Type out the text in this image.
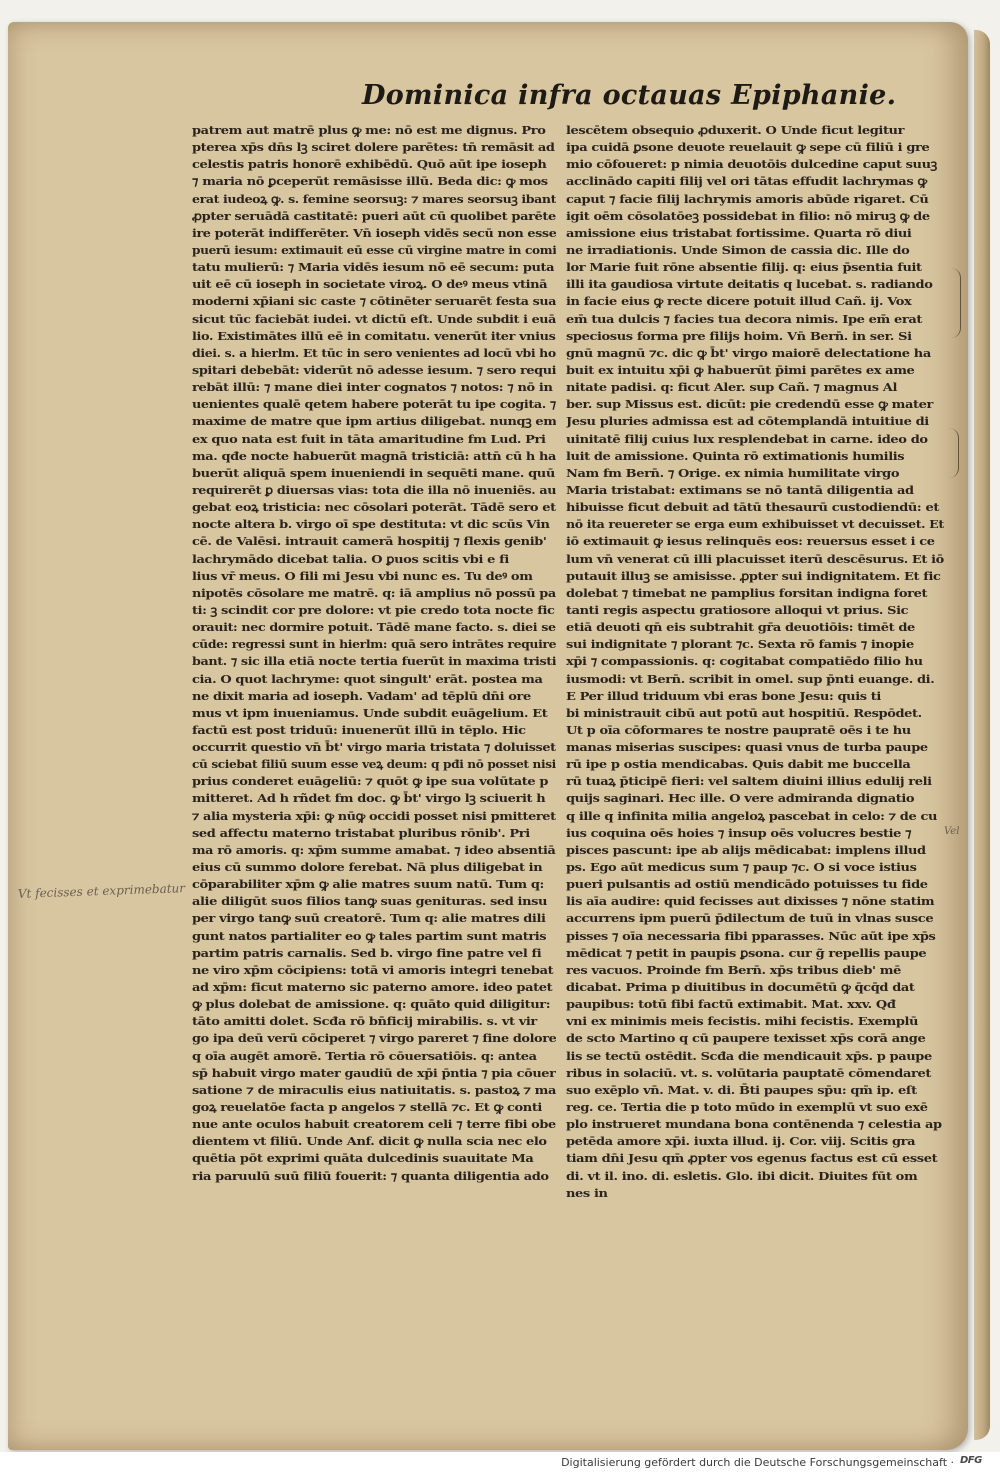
Dominica infra octauas Epiphanie.
patrem aut matrē plus ꝙ me: nō est me dignus. Pro
pterea xp̄s dn̄s lꝫ sciret dolere parētes: tn̄ remāsit ad
celestis patris honorē exhibēdū. Quō aūt ipe ioseph
⁊ maria nō ꝑceperūt remāsisse illū. Beda dic: ꝙ mos
erat iudeoꝝ ꝙ. s. femine seorsuꝫ: ⁊ mares seorsuꝫ ibant
ꝓpter seruādā castitatē: pueri aūt cū quolibet parēte
ire poterāt indifferēter. Vn̄ ioseph vidēs secū non esse
puerū iesum: extimauit eū esse cū virgine matre in comi
tatu mulierū: ⁊ Maria vidēs iesum nō eē secum: puta
uit eē cū ioseph in societate viroꝝ. O deꝰ meus vtinā
moderni xp̄iani sic caste ⁊ cōtinēter seruarēt festa sua
sicut tūc faciebāt iudei. vt dictū eſt. Unde subdit i euā
lio. Existimātes illū eē in comitatu. venerūt iter vnius
diei. s. a hierlm. Et tūc in sero venientes ad locū vbi ho
spitari debebāt: viderūt nō adesse iesum. ⁊ sero requi
rebāt illū: ⁊ mane diei inter cognatos ⁊ notos: ⁊ nō in
uenientes qualē qetem habere poterāt tu ipe cogita. ⁊
maxime de matre que ipm artius diligebat. nunqꝫ em
ex quo nata est fuit in tāta amaritudine fm Lud. Pri
ma. qđe nocte habuerūt magnā tristiciā: attn̄ cū h ha
buerūt aliquā spem inueniendi in sequēti mane. quū
requirerēt ꝑ diuersas vias: tota die illa nō inueniēs. au
gebat eoꝝ tristicia: nec cōsolari poterāt. Tādē sero et
nocte altera b. virgo oī spe destituta: vt dic scūs Vin
cē. de Valēsi. intrauit camerā hospitij ⁊ flexis genib'
lachrymādo dicebat talia. O ꝑuos scitis vbi e fi
lius vr̄ meus. O fili mi Jesu vbi nunc es. Tu deꝰ om
nipotēs cōsolare me matrē. q: iā amplius nō possū pa
ti: ꝫ scindit cor pre dolore: vt pie credo tota nocte fic
orauit: nec dormire potuit. Tādē mane facto. s. diei se
cūde: regressi sunt in hierlm: quā sero intrātes require
bant. ⁊ sic illa etiā nocte tertia fuerūt in maxima tristi
cia. O quot lachryme: quot singult' erāt. postea ma
ne dixit maria ad ioseph. Vadam' ad tēplū dn̄i ore
mus vt ipm inueniamus. Unde subdit euāgelium. Et
factū est post triduū: inuenerūt illū in tēplo. Hic
occurrit questio vn̄ b̄t' virgo maria tristata ⁊ doluisset
cū sciebat filiū suum esse veꝝ deum: q pđi nō posset nisi
prius conderet euāgeliū: ⁊ quōt ꝙ ipe sua volūtate p
mitteret. Ad h rñdet fm doc. ꝙ b̄t' virgo lꝫ sciuerit h
⁊ alia mysteria xp̄i: ꝙ nūꝙ occidi posset nisi pmitteret
sed affectu materno tristabat pluribus rōnib'. Pri
ma rō amoris. q: xp̄m summe amabat. ⁊ ideo absentiā
eius cū summo dolore ferebat. Nā plus diligebat in
cōparabiliter xp̄m ꝙ alie matres suum natū. Tum q:
alie diligūt suos filios tanꝙ suas genituras. sed insu
per virgo tanꝙ suū creatorē. Tum q: alie matres dili
gunt natos partialiter eo ꝙ tales partim sunt matris
partim patris carnalis. Sed b. virgo fine patre vel fi
ne viro xp̄m cōcipiens: totā vi amoris integri tenebat
ad xp̄m: ficut materno sic paterno amore. ideo patet
ꝙ plus dolebat de amissione. q: quāto quid diligitur:
tāto amitti dolet. Scđa rō bn̄ficij mirabilis. s. vt vir
go ipa deū verū cōciperet ⁊ virgo pareret ⁊ fine dolore
q oīa augēt amorē. Tertia rō cōuersatiōis. q: antea
sp̄ habuit virgo mater gaudiū de xp̄i p̄ntia ⁊ pia cōuer
satione ⁊ de miraculis eius natiuitatis. s. pastoꝝ ⁊ ma
goꝝ reuelatōe facta p angelos ⁊ stellā ⁊c. Et ꝙ conti
nue ante oculos habuit creatorem celi ⁊ terre fibi obe
dientem vt filiū. Unde Anf. dicit ꝙ nulla scia nec elo
quētia pōt exprimi quāta dulcedinis suauitate Ma
ria paruulū suū filiū fouerit: ⁊ quanta diligentia ado
lescētem obsequio ꝓduxerit. O Unde ficut legitur
ipa cuidā ꝑsone deuote reuelauit ꝙ sepe cū filiū i gre
mio cōfoueret: p nimia deuotōis dulcedine caput suuꝫ
acclinādo capiti filij vel ori tātas effudit lachrymas ꝙ
caput ⁊ facie filij lachrymis amoris abūde rigaret. Cū
igit oēm cōsolatōeꝫ possidebat in filio: nō miruꝫ ꝙ de
amissione eius tristabat fortissime. Quarta rō diui
ne irradiationis. Unde Simon de cassia dic. Ille do
lor Marie fuit rōne absentie filij. q: eius p̄sentia fuit
illi ita gaudiosa virtute deitatis q lucebat. s. radiando
in facie eius ꝙ recte dicere potuit illud Cañ. ij. Vox
em̄ tua dulcis ⁊ facies tua decora nimis. Ipe em̄ erat
speciosus forma pre filijs hoim. Vn̄ Bern̄. in ser. Si
gnū magnū ⁊c. dic ꝙ b̄t' virgo maiorē delectatione ha
buit ex intuitu xp̄i ꝙ habuerūt p̄imi parētes ex ame
nitate padisi. q: ficut Aler. sup Cañ. ⁊ magnus Al
ber. sup Missus est. dicūt: pie credendū esse ꝙ mater
Jesu pluries admissa est ad cōtemplandā intuitiue di
uinitatē filij cuius lux resplendebat in carne. ideo do
luit de amissione. Quinta rō extimationis humilis
Nam fm Bern̄. ⁊ Orige. ex nimia humilitate virgo
Maria tristabat: extimans se nō tantā diligentia ad
hibuisse ficut debuit ad tātū thesaurū custodiendū: et
nō ita reuereter se erga eum exhibuisset vt decuisset. Et
iō extimauit ꝙ iesus relinquēs eos: reuersus esset i ce
lum vn̄ venerat cū illi placuisset iterū descēsurus. Et iō
putauit illuꝫ se amisisse. ꝓpter sui indignitatem. Et fic
dolebat ⁊ timebat ne pamplius forsitan indigna foret
tanti regis aspectu gratiosore alloqui vt prius. Sic
etiā deuoti qn̄ eis subtrahit gr̄a deuotiōis: timēt de
sui indignitate ⁊ plorant ⁊c. Sexta rō famis ⁊ inopie
xp̄i ⁊ compassionis. q: cogitabat compatiēdo filio hu
iusmodi: vt Bern̄. scribit in omel. sup p̄nti euange. di.
E Per illud triduum vbi eras bone Jesu: quis ti
bi ministrauit cibū aut potū aut hospitiū. Respōdet.
Ut p oīa cōformares te nostre paupratē oēs i te hu
manas miserias suscipes: quasi vnus de turba paupe
rū ipe p ostia mendicabas. Quis dabit me buccella
rū tuaꝝ p̄ticipē fieri: vel saltem diuini illius edulij reli
quijs saginari. Hec ille. O vere admiranda dignatio
q ille q infinita milia angeloꝝ pascebat in celo: ⁊ de cu
ius coquina oēs hoies ⁊ insup oēs volucres bestie ⁊
pisces pascunt: ipe ab alijs mēdicabat: implens illud
ps. Ego aūt medicus sum ⁊ paup ⁊c. O si voce istius
pueri pulsantis ad ostiū mendicādo potuisses tu fide
lis aīa audire: quid fecisses aut dixisses ⁊ nōne statim
accurrens ipm puerū p̄dilectum de tuū in vlnas susce
pisses ⁊ oīa necessaria fibi pparasses. Nūc aūt ipe xp̄s
mēdicat ⁊ petit in paupis ꝑsona. cur g̃ repellis paupe
res vacuos. Proinde fm Bern̄. xp̄s tribus dieb' mē
dicabat. Prima p diuitibus in documētū ꝙ q̄cq̄d dat
paupibus: totū fibi factū extimabit. Mat. xxv. Qđ
vni ex minimis meis fecistis. mihi fecistis. Exemplū
de scto Martino q cū paupere texisset xp̄s corā ange
lis se tectū ostēdit. Scđa die mendicauit xp̄s. p paupe
ribus in solaciū. vt. s. volūtaria pauptatē cōmendaret
suo exēplo vn̄. Mat. v. di. B̄ti paupes sp̄u: qm̄ ip. eſt
reg. ce. Tertia die p toto mūdo in exemplū vt suo exē
plo instrueret mundana bona contēnenda ⁊ celestia ap
petēda amore xp̄i. iuxta illud. ij. Cor. viij. Scitis gra
tiam dn̄i Jesu qm̄ ꝓpter vos egenus factus est cū esset
di. vt il. ino. di. esletis. Glo. ibi dicit. Diuites fūt om
nes in
Vt fecisses et exprimebatur
Vel
Digitalisierung gefördert durch die Deutsche Forschungsgemeinschaft · DFG
